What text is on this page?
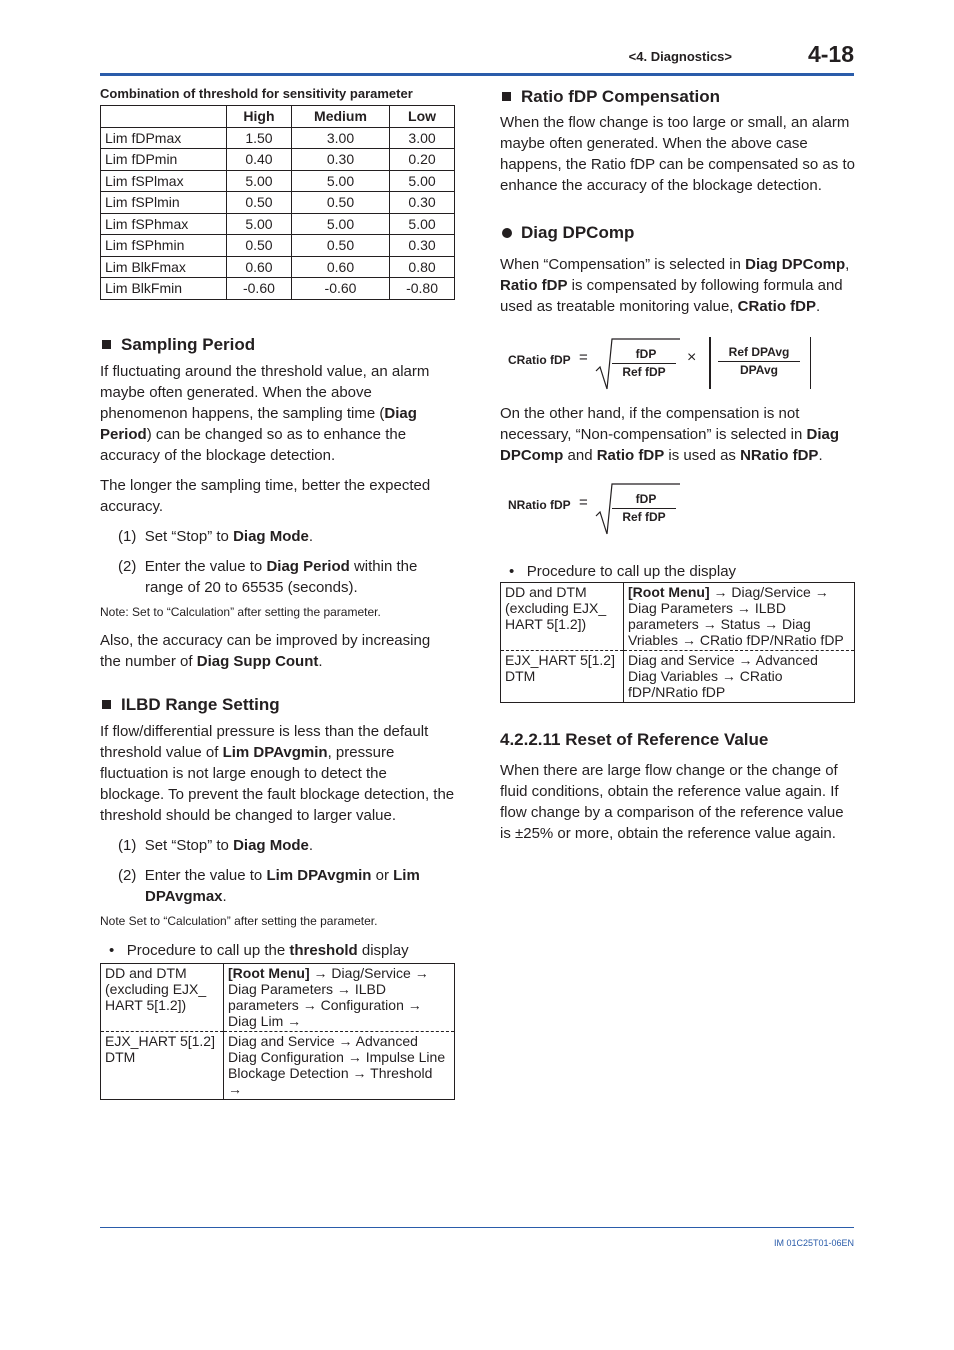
<4. Diagnostics>	4-18

Combination of threshold for sensitivity parameter

	High	Medium	Low
Lim fDPmax	1.50	3.00	3.00
Lim fDPmin	0.40	0.30	0.20
Lim fSPlmax	5.00	5.00	5.00
Lim fSPlmin	0.50	0.50	0.30
Lim fSPhmax	5.00	5.00	5.00
Lim fSPhmin	0.50	0.50	0.30
Lim BlkFmax	0.60	0.60	0.80
Lim BlkFmin	-0.60	-0.60	-0.80

Sampling Period

If fluctuating around the threshold value, an alarm maybe often generated. When the above phenomenon happens, the sampling time (Diag Period) can be changed so as to enhance the accuracy of the blockage detection.

The longer the sampling time, better the expected accuracy.

(1) Set “Stop” to Diag Mode.

(2) Enter the value to Diag Period within the range of 20 to 65535 (seconds).

Note: Set to “Calculation” after setting the parameter.

Also, the accuracy can be improved by increasing the number of Diag Supp Count.

ILBD Range Setting

If flow/differential pressure is less than the default threshold value of Lim DPAvgmin, pressure fluctuation is not large enough to detect the blockage. To prevent the fault blockage detection, the threshold should be changed to larger value.

(1) Set “Stop” to Diag Mode.

(2) Enter the value to Lim DPAvgmin or Lim DPAvgmax.

Note Set to “Calculation” after setting the parameter.

•   Procedure to call up the threshold display

DD and DTM (excluding EJX_ HART 5[1.2])	[Root Menu] → Diag/Service → Diag Parameters → ILBD parameters → Configuration → Diag Lim →
EJX_HART 5[1.2] DTM	Diag and Service → Advanced Diag Configuration → Impulse Line Blockage Detection → Threshold →

Ratio fDP Compensation

When the flow change is too large or small, an alarm maybe often generated. When the above case happens, the Ratio fDP can be compensated so as to enhance the accuracy of the blockage detection.

Diag DPComp

When “Compensation” is selected in Diag DPComp, Ratio fDP is compensated by following formula and used as treatable monitoring value, CRatio fDP.

CRatio fDP =	fDP
Ref fDP
×	Ref DPAvg
DPAvg

On the other hand, if the compensation is not necessary, “Non-compensation” is selected in Diag DPComp and Ratio fDP is used as NRatio fDP.

NRatio fDP =	fDP
Ref fDP

•   Procedure to call up the display

DD and DTM (excluding EJX_ HART 5[1.2])	[Root Menu] → Diag/Service → Diag Parameters → ILBD parameters → Status → Diag Vriables → CRatio fDP/NRatio fDP
EJX_HART 5[1.2] DTM	Diag and Service → Advanced Diag Variables → CRatio fDP/NRatio fDP

4.2.2.11 Reset of Reference Value

When there are large flow change or the change of fluid conditions, obtain the reference value again. If flow change by a comparison of the reference value is ±25% or more, obtain the reference value again.

IM 01C25T01-06EN
